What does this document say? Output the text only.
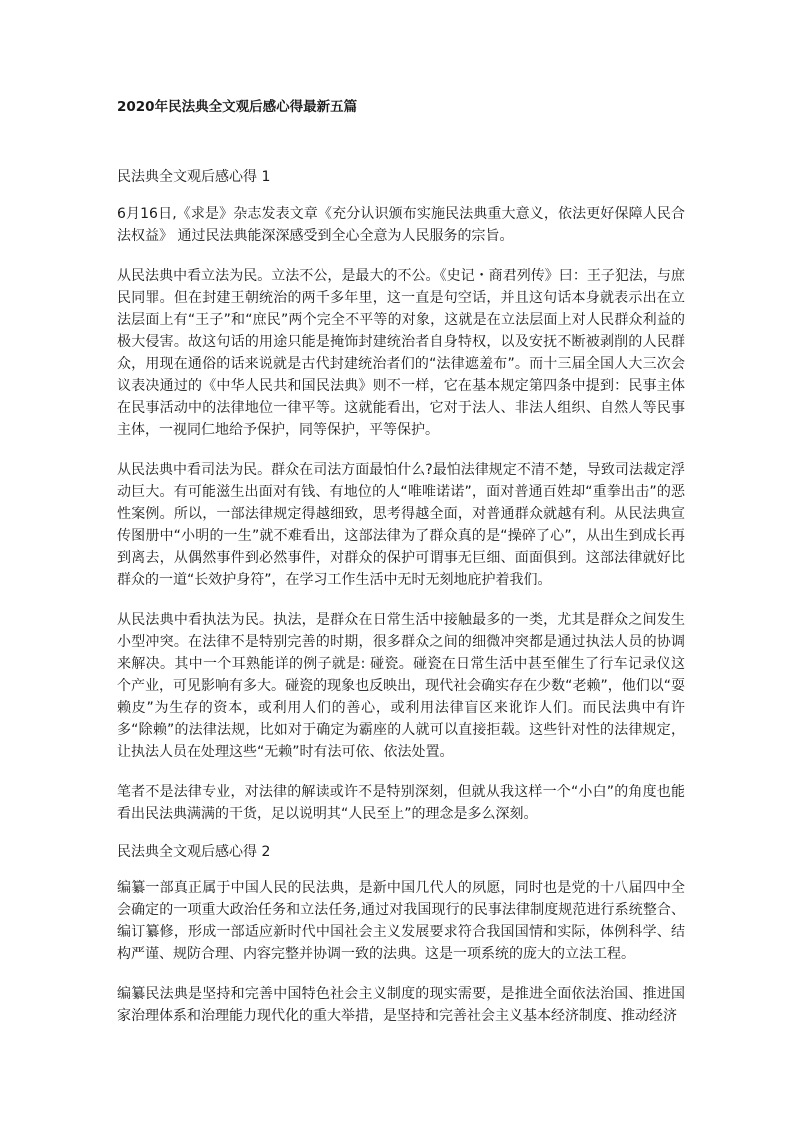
2020年民法典全文观后感心得最新五篇
民法典全文观后感心得 1

6月16日,《求是》杂志发表文章《充分认识颁布实施民法典重大意义，依法更好保障人民合法权益》 通过民法典能深深感受到全心全意为人民服务的宗旨。

从民法典中看立法为民。立法不公，是最大的不公。《史记・商君列传》曰：王子犯法，与庶民同罪。但在封建王朝统治的两千多年里，这一直是句空话，并且这句话本身就表示出在立法层面上有“王子”和“庶民”两个完全不平等的对象，这就是在立法层面上对人民群众利益的极大侵害。故这句话的用途只能是掩饰封建统治者自身特权，以及安抚不断被剥削的人民群众，用现在通俗的话来说就是古代封建统治者们的“法律遮羞布”。而十三届全国人大三次会议表决通过的《中华人民共和国民法典》则不一样，它在基本规定第四条中提到：民事主体在民事活动中的法律地位一律平等。这就能看出，它对于法人、非法人组织、自然人等民事主体，一视同仁地给予保护，同等保护，平等保护。

从民法典中看司法为民。群众在司法方面最怕什么?最怕法律规定不清不楚，导致司法裁定浮动巨大。有可能滋生出面对有钱、有地位的人“唯唯诺诺”，面对普通百姓却“重拳出击”的恶性案例。所以，一部法律规定得越细致，思考得越全面，对普通群众就越有利。从民法典宣传图册中“小明的一生”就不难看出，这部法律为了群众真的是“操碎了心”，从出生到成长再到离去，从偶然事件到必然事件，对群众的保护可谓事无巨细、面面俱到。这部法律就好比群众的一道“长效护身符”，在学习工作生活中无时无刻地庇护着我们。

从民法典中看执法为民。执法，是群众在日常生活中接触最多的一类，尤其是群众之间发生小型冲突。在法律不是特别完善的时期，很多群众之间的细微冲突都是通过执法人员的协调来解决。其中一个耳熟能详的例子就是: 碰瓷。碰瓷在日常生活中甚至催生了行车记录仪这个产业，可见影响有多大。碰瓷的现象也反映出，现代社会确实存在少数“老赖”，他们以“耍赖皮”为生存的资本，或利用人们的善心，或利用法律盲区来讹诈人们。而民法典中有许多“除赖”的法律法规，比如对于确定为霸座的人就可以直接拒载。这些针对性的法律规定，让执法人员在处理这些“无赖”时有法可依、依法处置。

笔者不是法律专业，对法律的解读或许不是特别深刻，但就从我这样一个“小白”的角度也能看出民法典满满的干货，足以说明其“人民至上”的理念是多么深刻。

民法典全文观后感心得 2

编纂一部真正属于中国人民的民法典，是新中国几代人的夙愿，同时也是党的十八届四中全会确定的一项重大政治任务和立法任务,通过对我国现行的民事法律制度规范进行系统整合、编订纂修，形成一部适应新时代中国社会主义发展要求符合我国国情和实际，体例科学、结构严谨、规防合理、内容完整并协调一致的法典。这是一项系统的庞大的立法工程。

编纂民法典是坚持和完善中国特色社会主义制度的现实需要，是推进全面依法治国、推进国家治理体系和治理能力现代化的重大举措，是坚持和完善社会主义基本经济制度、推动经济
